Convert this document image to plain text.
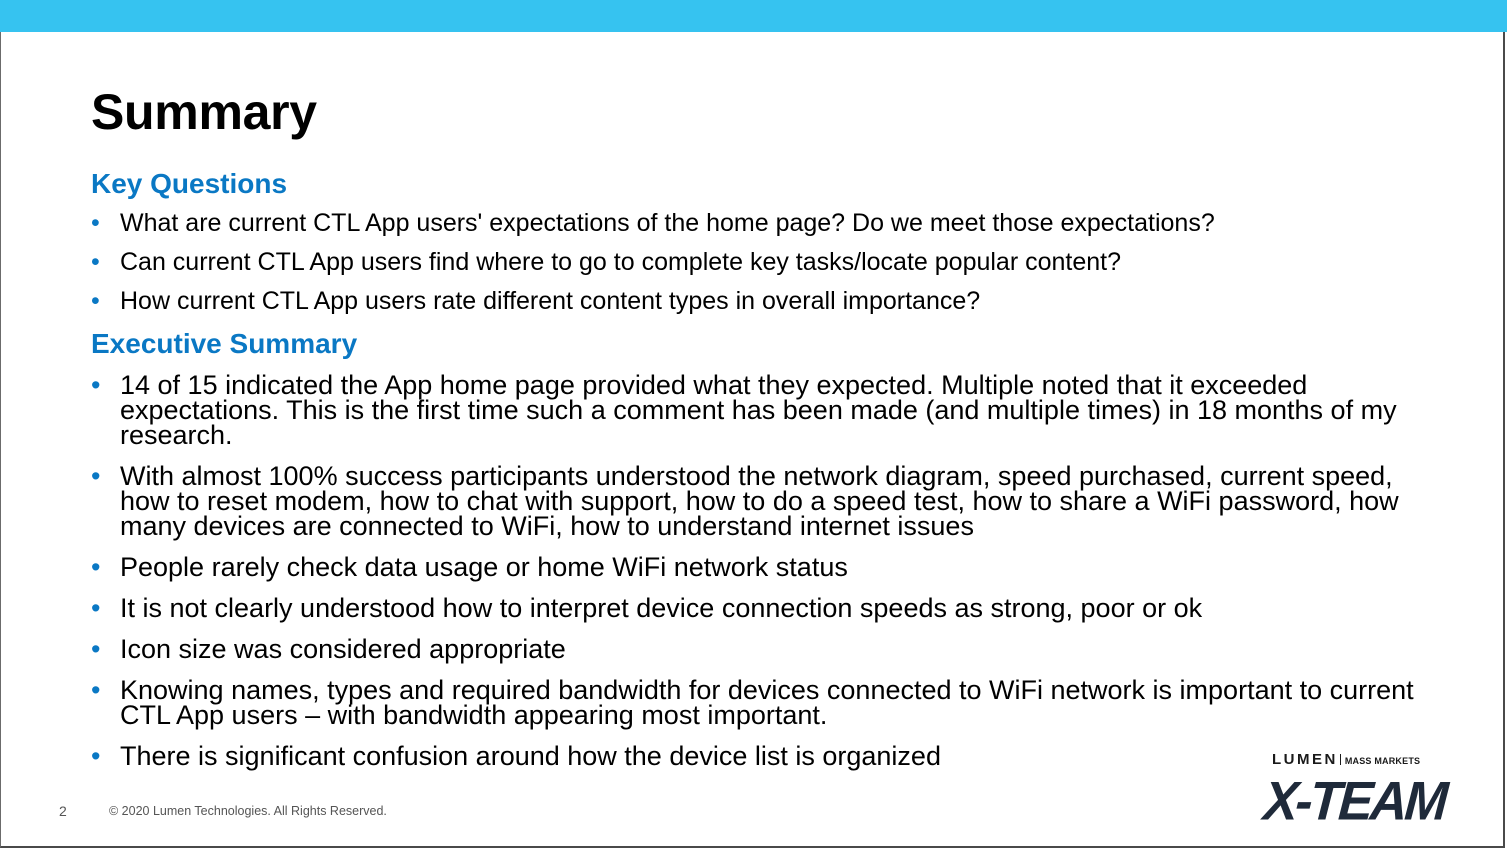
Summary
Key Questions
• What are current CTL App users' expectations of the home page? Do we meet those expectations?
• Can current CTL App users find where to go to complete key tasks/locate popular content?
• How current CTL App users rate different content types in overall importance?
Executive Summary
• 14 of 15 indicated the App home page provided what they expected. Multiple noted that it exceeded expectations. This is the first time such a comment has been made (and multiple times) in 18 months of my research.
• With almost 100% success participants understood the network diagram, speed purchased, current speed, how to reset modem, how to chat with support, how to do a speed test, how to share a WiFi password, how many devices are connected to WiFi, how to understand internet issues
• People rarely check data usage or home WiFi network status
• It is not clearly understood how to interpret device connection speeds as strong, poor or ok
• Icon size was considered appropriate
• Knowing names, types and required bandwidth for devices connected to WiFi network is important to current CTL App users – with bandwidth appearing most important.
• There is significant confusion around how the device list is organized
2	© 2020 Lumen Technologies. All Rights Reserved.
LUMEN MASS MARKETS
X-TEAM
